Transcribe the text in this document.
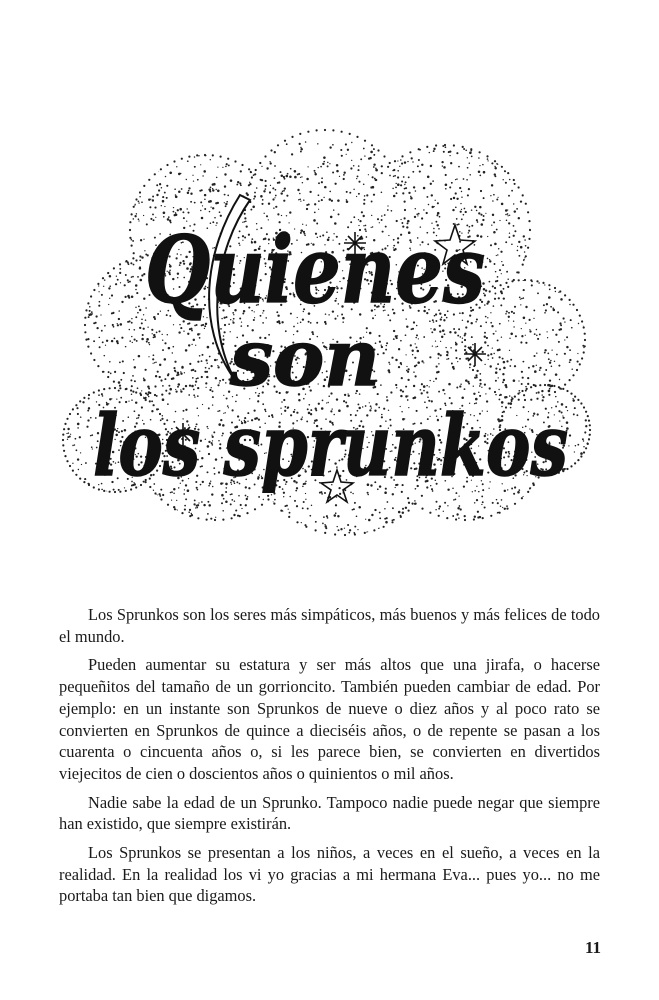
Quienes
son
los sprunkos

Los Sprunkos son los seres más simpáticos, más buenos y más felices de todo el mundo.

Pueden aumentar su estatura y ser más altos que una jirafa, o hacerse pequeñitos del tamaño de un gorrioncito. También pueden cambiar de edad. Por ejemplo: en un instante son Sprunkos de nueve o diez años y al poco rato se convierten en Sprunkos de quince a dieciséis años, o de repente se pasan a los cuarenta o cincuenta años o, si les parece bien, se convierten en divertidos viejecitos de cien o doscientos años o quinientos o mil años.

Nadie sabe la edad de un Sprunko. Tampoco nadie puede negar que siempre han existido, que siempre existirán.

Los Sprunkos se presentan a los niños, a veces en el sueño, a veces en la realidad. En la realidad los vi yo gracias a mi hermana Eva... pues yo... no me portaba tan bien que digamos.

11
